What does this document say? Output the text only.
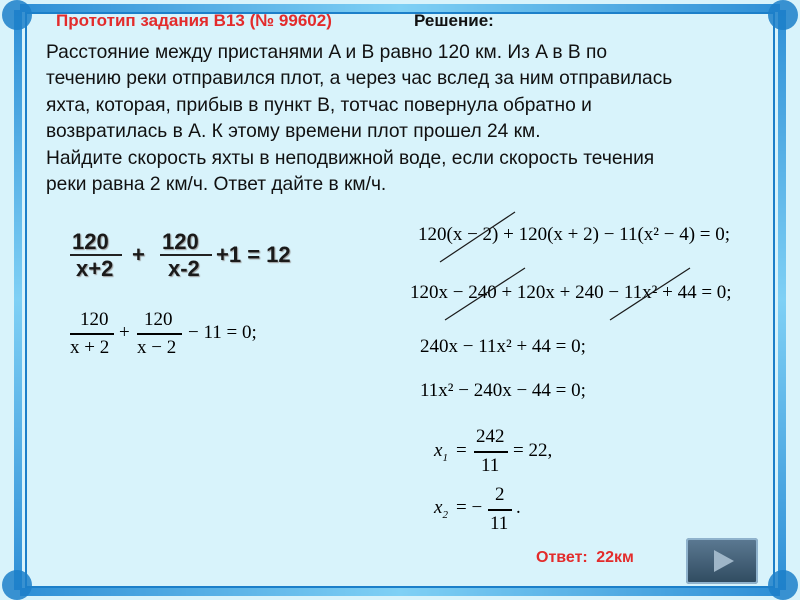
Прототип задания B13 (№ 99602)	Решение:
Расстояние между пристанями A и B равно 120 км. Из A в B по
течению реки отправился плот, а через час вслед за ним отправилась
яхта, которая, прибыв в пункт B, тотчас повернула обратно и
возвратилась в A. К этому времени плот прошел 24 км.
Найдите скорость яхты в неподвижной воде, если скорость течения
реки равна 2 км/ч. Ответ дайте в км/ч.
120
x+2
+
120
x-2
+1 = 12
120
x + 2
+
120
x − 2
− 11 = 0;
120(x − 2) + 120(x + 2) − 11(x² − 4) = 0;
120x − 240 + 120x + 240 − 11x² + 44 = 0;
240x − 11x² + 44 = 0;
11x² − 240x − 44 = 0;
$x_1$ =
242
11
= 22,
$x_2$ = −
2
11
.
Ответ: 22км
